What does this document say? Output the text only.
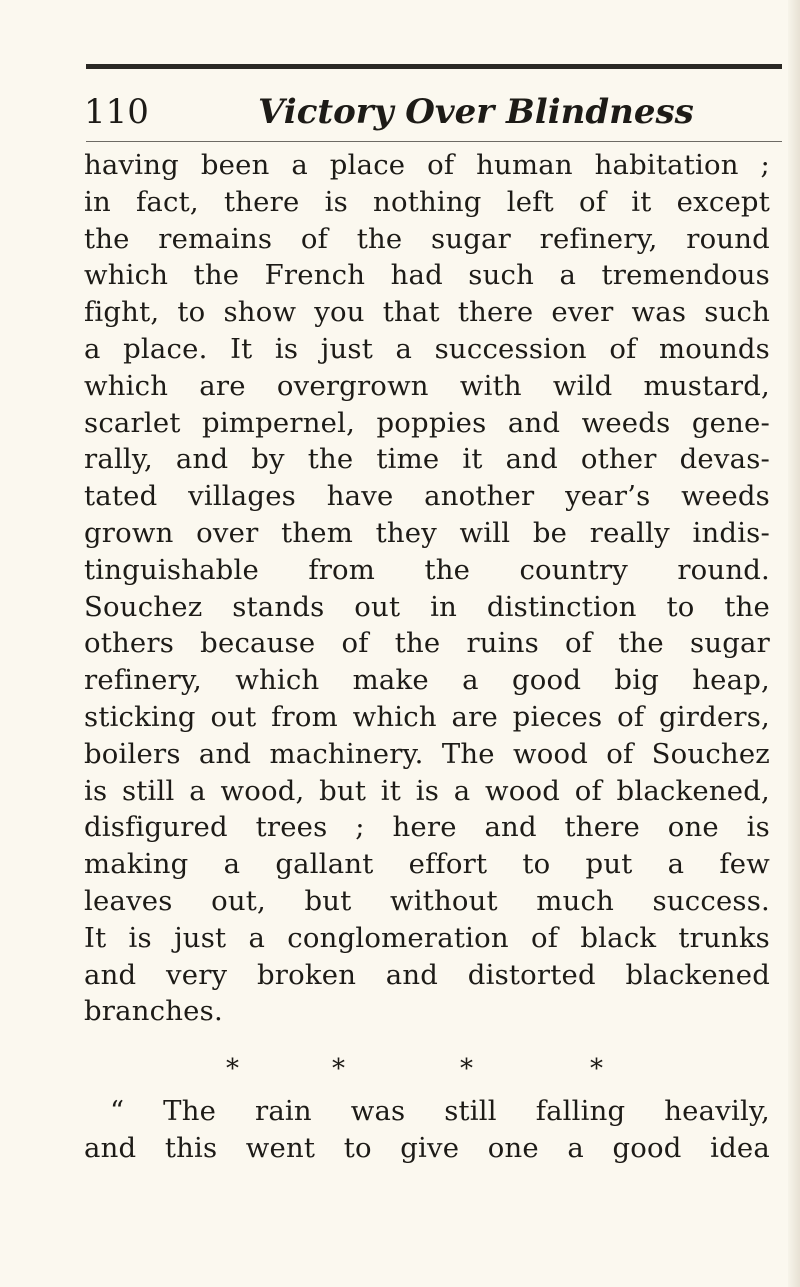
110	Victory Over Blindness
having been a place of human habitation ;
in fact, there is nothing left of it except
the remains of the sugar refinery, round
which the French had such a tremendous
fight, to show you that there ever was such
a place. It is just a succession of mounds
which are overgrown with wild mustard,
scarlet pimpernel, poppies and weeds gene-
rally, and by the time it and other devas-
tated villages have another year’s weeds
grown over them they will be really indis-
tinguishable from the country round.
Souchez stands out in distinction to the
others because of the ruins of the sugar
refinery, which make a good big heap,
sticking out from which are pieces of girders,
boilers and machinery. The wood of Souchez
is still a wood, but it is a wood of blackened,
disfigured trees ; here and there one is
making a gallant effort to put a few
leaves out, but without much success.
It is just a conglomeration of black trunks
and very broken and distorted blackened
branches.
*	*	*	*
“ The rain was still falling heavily,
and this went to give one a good idea
